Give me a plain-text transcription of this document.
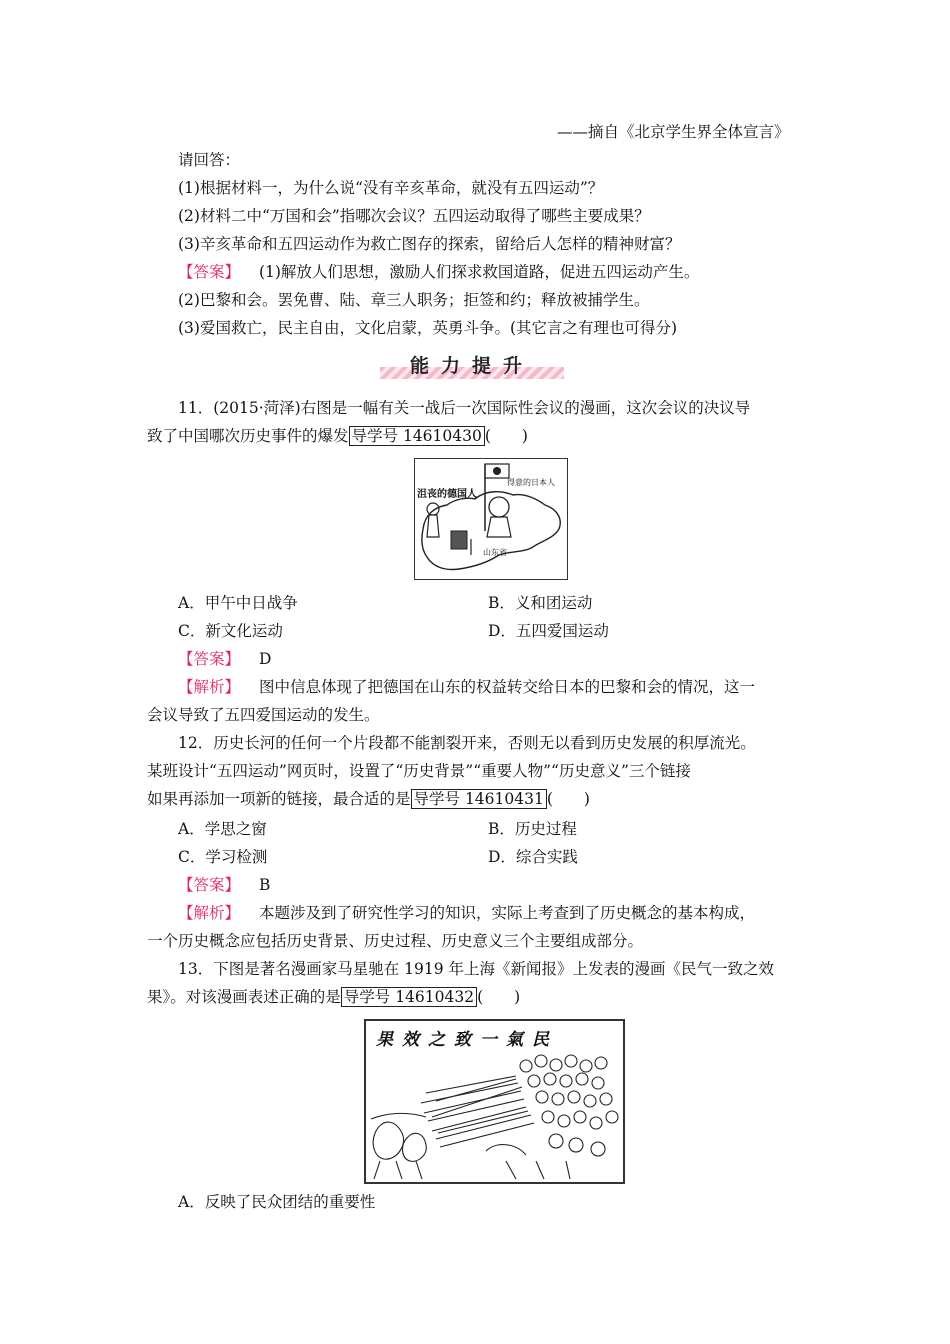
——摘自《北京学生界全体宣言》
请回答：
(1)根据材料一，为什么说“没有辛亥革命，就没有五四运动”？
(2)材料二中“万国和会”指哪次会议？五四运动取得了哪些主要成果？
(3)辛亥革命和五四运动作为救亡图存的探索，留给后人怎样的精神财富？
【答案】 (1)解放人们思想，激励人们探求救国道路，促进五四运动产生。
(2)巴黎和会。罢免曹、陆、章三人职务；拒签和约；释放被捕学生。
(3)爱国救亡，民主自由，文化启蒙，英勇斗争。(其它言之有理也可得分)
能力提升
11．(2015·菏泽)右图是一幅有关一战后一次国际性会议的漫画，这次会议的决议导
致了中国哪次历史事件的爆发 导学号 14610430 (　　)
沮丧的德国人
得意的日本人
山东省
A．甲午中日战争	B．义和团运动
C．新文化运动	D．五四爱国运动
【答案】 D
【解析】 图中信息体现了把德国在山东的权益转交给日本的巴黎和会的情况，这一
会议导致了五四爱国运动的发生。
12．历史长河的任何一个片段都不能割裂开来，否则无以看到历史发展的积厚流光。
某班设计“五四运动”网页时，设置了“历史背景”“重要人物”“历史意义”三个链接
如果再添加一项新的链接，最合适的是 导学号 14610431 (　　)
A．学思之窗	B．历史过程
C．学习检测	D．综合实践
【答案】 B
【解析】 本题涉及到了研究性学习的知识，实际上考查到了历史概念的基本构成，
一个历史概念应包括历史背景、历史过程、历史意义三个主要组成部分。
13．下图是著名漫画家马星驰在 1919 年上海《新闻报》上发表的漫画《民气一致之效
果》。对该漫画表述正确的是 导学号 14610432 (　　)
果效之致一氣民
A．反映了民众团结的重要性
